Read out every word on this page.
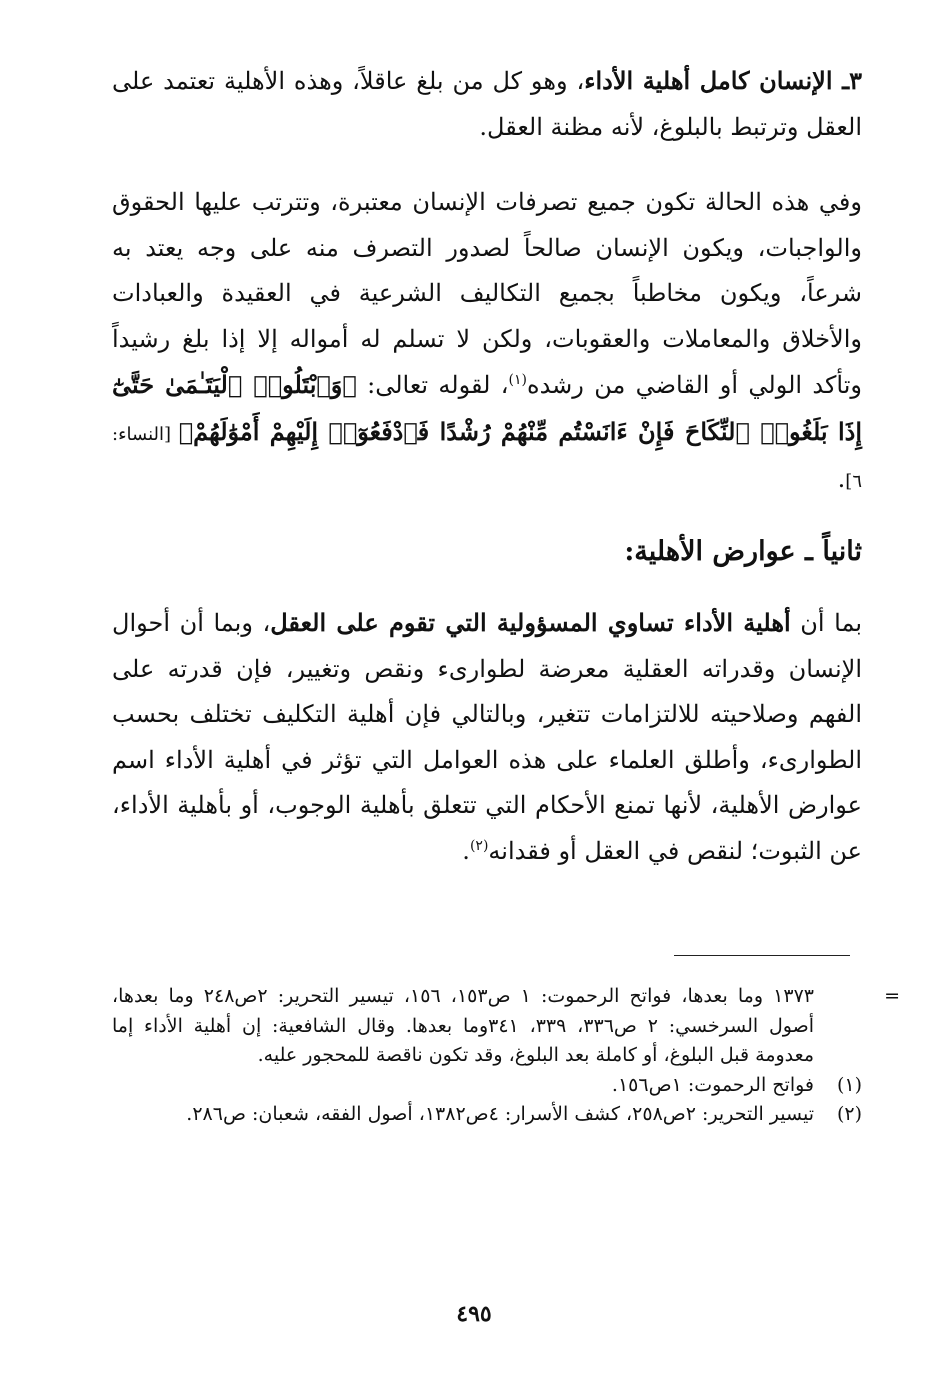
٣ـ الإنسان كامل أهلية الأداء، وهو كل من بلغ عاقلاً، وهذه الأهلية تعتمد على العقل وترتبط بالبلوغ، لأنه مظنة العقل.

وفي هذه الحالة تكون جميع تصرفات الإنسان معتبرة، وتترتب عليها الحقوق والواجبات، ويكون الإنسان صالحاً لصدور التصرف منه على وجه يعتد به شرعاً، ويكون مخاطباً بجميع التكاليف الشرعية في العقيدة والعبادات والأخلاق والمعاملات والعقوبات، ولكن لا تسلم له أمواله إلا إذا بلغ رشيداً وتأكد الولي أو القاضي من رشده$^{(١)}$، لقوله تعالى: ﴿وَٱبْتَلُوا۟ ٱلْيَتَـٰمَىٰ حَتَّىٰٓ إِذَا بَلَغُوا۟ ٱلنِّكَاحَ فَإِنْ ءَانَسْتُم مِّنْهُمْ رُشْدًا فَٱدْفَعُوٓا۟ إِلَيْهِمْ أَمْوَٰلَهُمْ﴾ [النساء: ٦].

ثانياً ـ عوارض الأهلية:

بما أن أهلية الأداء تساوي المسؤولية التي تقوم على العقل، وبما أن أحوال الإنسان وقدراته العقلية معرضة لطوارىء ونقص وتغيير، فإن قدرته على الفهم وصلاحيته للالتزامات تتغير، وبالتالي فإن أهلية التكليف تختلف بحسب الطوارىء، وأطلق العلماء على هذه العوامل التي تؤثر في أهلية الأداء اسم عوارض الأهلية، لأنها تمنع الأحكام التي تتعلق بأهلية الوجوب، أو بأهلية الأداء، عن الثبوت؛ لنقص في العقل أو فقدانه$^{(٢)}$.

=
١٣٧٣ وما بعدها، فواتح الرحموت: ١ ص١٥٣، ١٥٦، تيسير التحرير: ٢ص٢٤٨ وما بعدها، أصول السرخسي: ٢ ص٣٣٦، ٣٣٩، ٣٤١وما بعدها. وقال الشافعية: إن أهلية الأداء إما معدومة قبل البلوغ، أو كاملة بعد البلوغ، وقد تكون ناقصة للمحجور عليه.
(١)
فواتح الرحموت: ١ص١٥٦.
(٢)
تيسير التحرير: ٢ص٢٥٨، كشف الأسرار: ٤ص١٣٨٢، أصول الفقه، شعبان: ص٢٨٦.
٤٩٥
